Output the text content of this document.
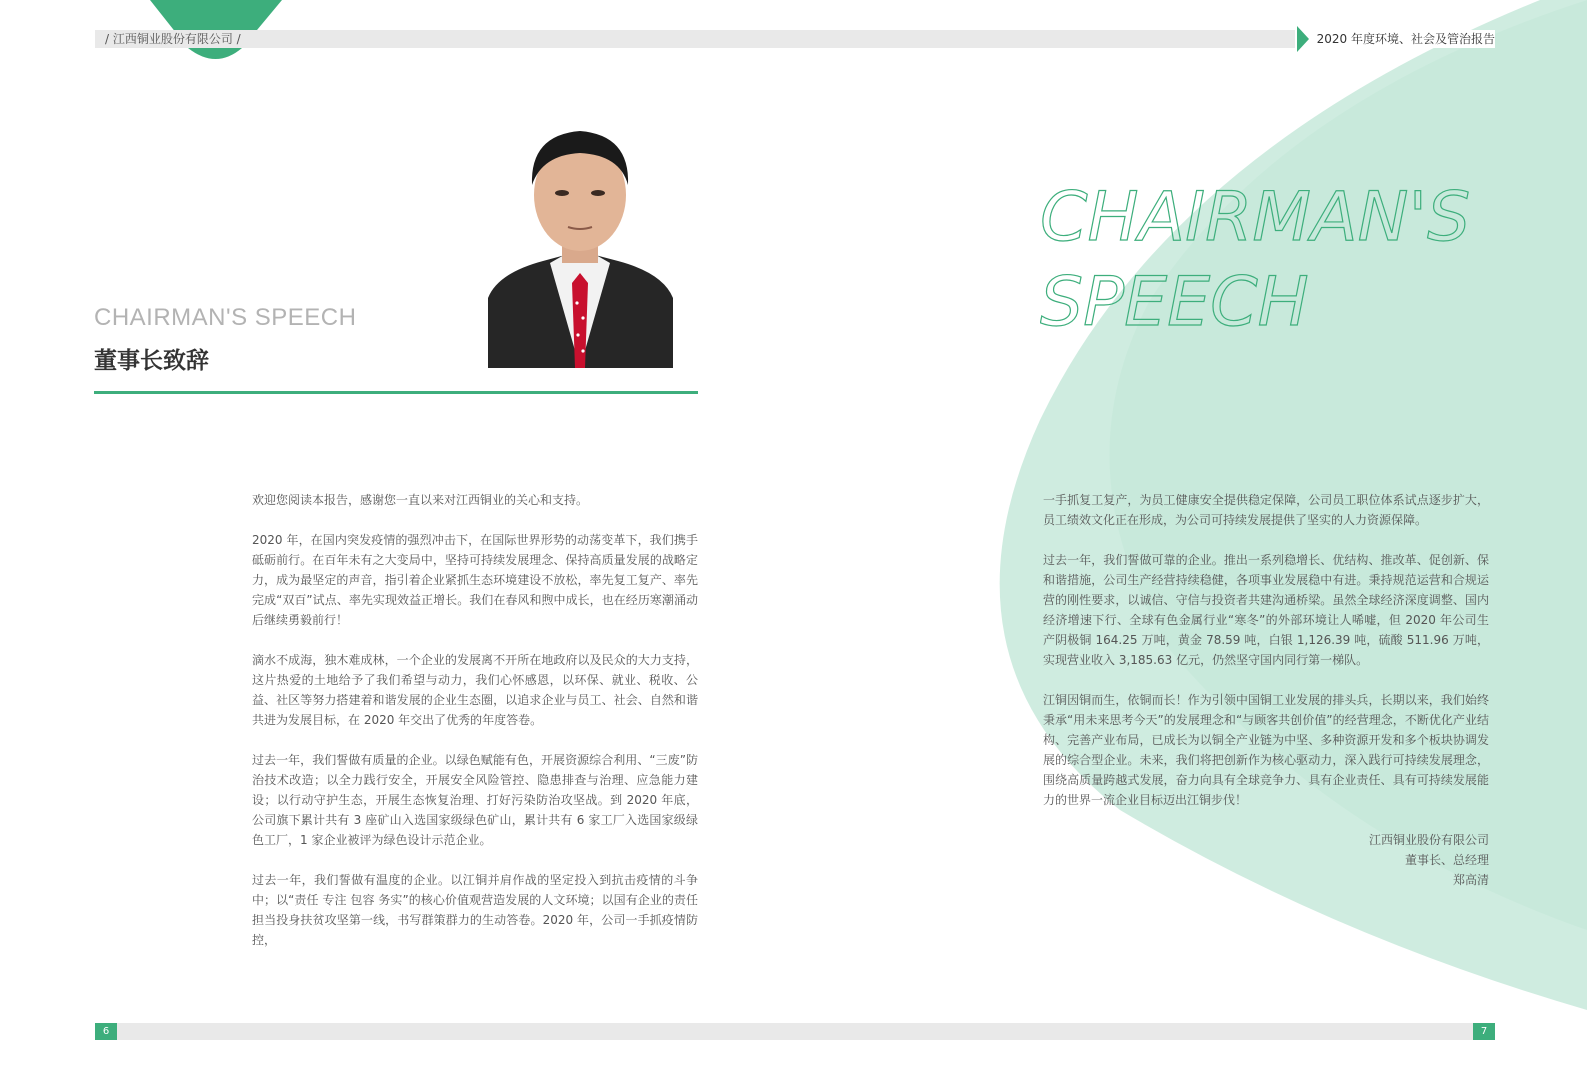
/ 江西铜业股份有限公司 /	2020 年度环境、社会及管治报告
CHAIRMAN'S SPEECH
董事长致辞
CHAIRMAN'S
SPEECH

欢迎您阅读本报告，感谢您一直以来对江西铜业的关心和支持。

2020 年，在国内突发疫情的强烈冲击下，在国际世界形势的动荡变革下，我们携手砥砺前行。在百年未有之大变局中，坚持可持续发展理念、保持高质量发展的战略定力，成为最坚定的声音，指引着企业紧抓生态环境建设不放松，率先复工复产、率先完成“双百”试点、率先实现效益正增长。我们在春风和煦中成长，也在经历寒潮涌动后继续勇毅前行！

滴水不成海，独木难成林，一个企业的发展离不开所在地政府以及民众的大力支持，这片热爱的土地给予了我们希望与动力，我们心怀感恩，以环保、就业、税收、公益、社区等努力搭建着和谐发展的企业生态圈，以追求企业与员工、社会、自然和谐共进为发展目标，在 2020 年交出了优秀的年度答卷。

过去一年，我们誓做有质量的企业。以绿色赋能有色，开展资源综合利用、“三废”防治技术改造；以全力践行安全，开展安全风险管控、隐患排查与治理、应急能力建设；以行动守护生态，开展生态恢复治理、打好污染防治攻坚战。到 2020 年底，公司旗下累计共有 3 座矿山入选国家级绿色矿山，累计共有 6 家工厂入选国家级绿色工厂，1 家企业被评为绿色设计示范企业。

过去一年，我们誓做有温度的企业。以江铜并肩作战的坚定投入到抗击疫情的斗争中；以“责任 专注 包容 务实”的核心价值观营造发展的人文环境；以国有企业的责任担当投身扶贫攻坚第一线，书写群策群力的生动答卷。2020 年，公司一手抓疫情防控，

一手抓复工复产，为员工健康安全提供稳定保障，公司员工职位体系试点逐步扩大，员工绩效文化正在形成，为公司可持续发展提供了坚实的人力资源保障。

过去一年，我们誓做可靠的企业。推出一系列稳增长、优结构、推改革、促创新、保和谐措施，公司生产经营持续稳健，各项事业发展稳中有进。秉持规范运营和合规运营的刚性要求，以诚信、守信与投资者共建沟通桥梁。虽然全球经济深度调整、国内经济增速下行、全球有色金属行业“寒冬”的外部环境让人唏嘘，但 2020 年公司生产阴极铜 164.25 万吨，黄金 78.59 吨，白银 1,126.39 吨，硫酸 511.96 万吨，实现营业收入 3,185.63 亿元，仍然坚守国内同行第一梯队。

江铜因铜而生，依铜而长！作为引领中国铜工业发展的排头兵，长期以来，我们始终秉承“用未来思考今天”的发展理念和“与顾客共创价值”的经营理念，不断优化产业结构、完善产业布局，已成长为以铜全产业链为中坚、多种资源开发和多个板块协调发展的综合型企业。未来，我们将把创新作为核心驱动力，深入践行可持续发展理念，围绕高质量跨越式发展，奋力向具有全球竞争力、具有企业责任、具有可持续发展能力的世界一流企业目标迈出江铜步伐！

江西铜业股份有限公司
董事长、总经理
郑高清
6	7
